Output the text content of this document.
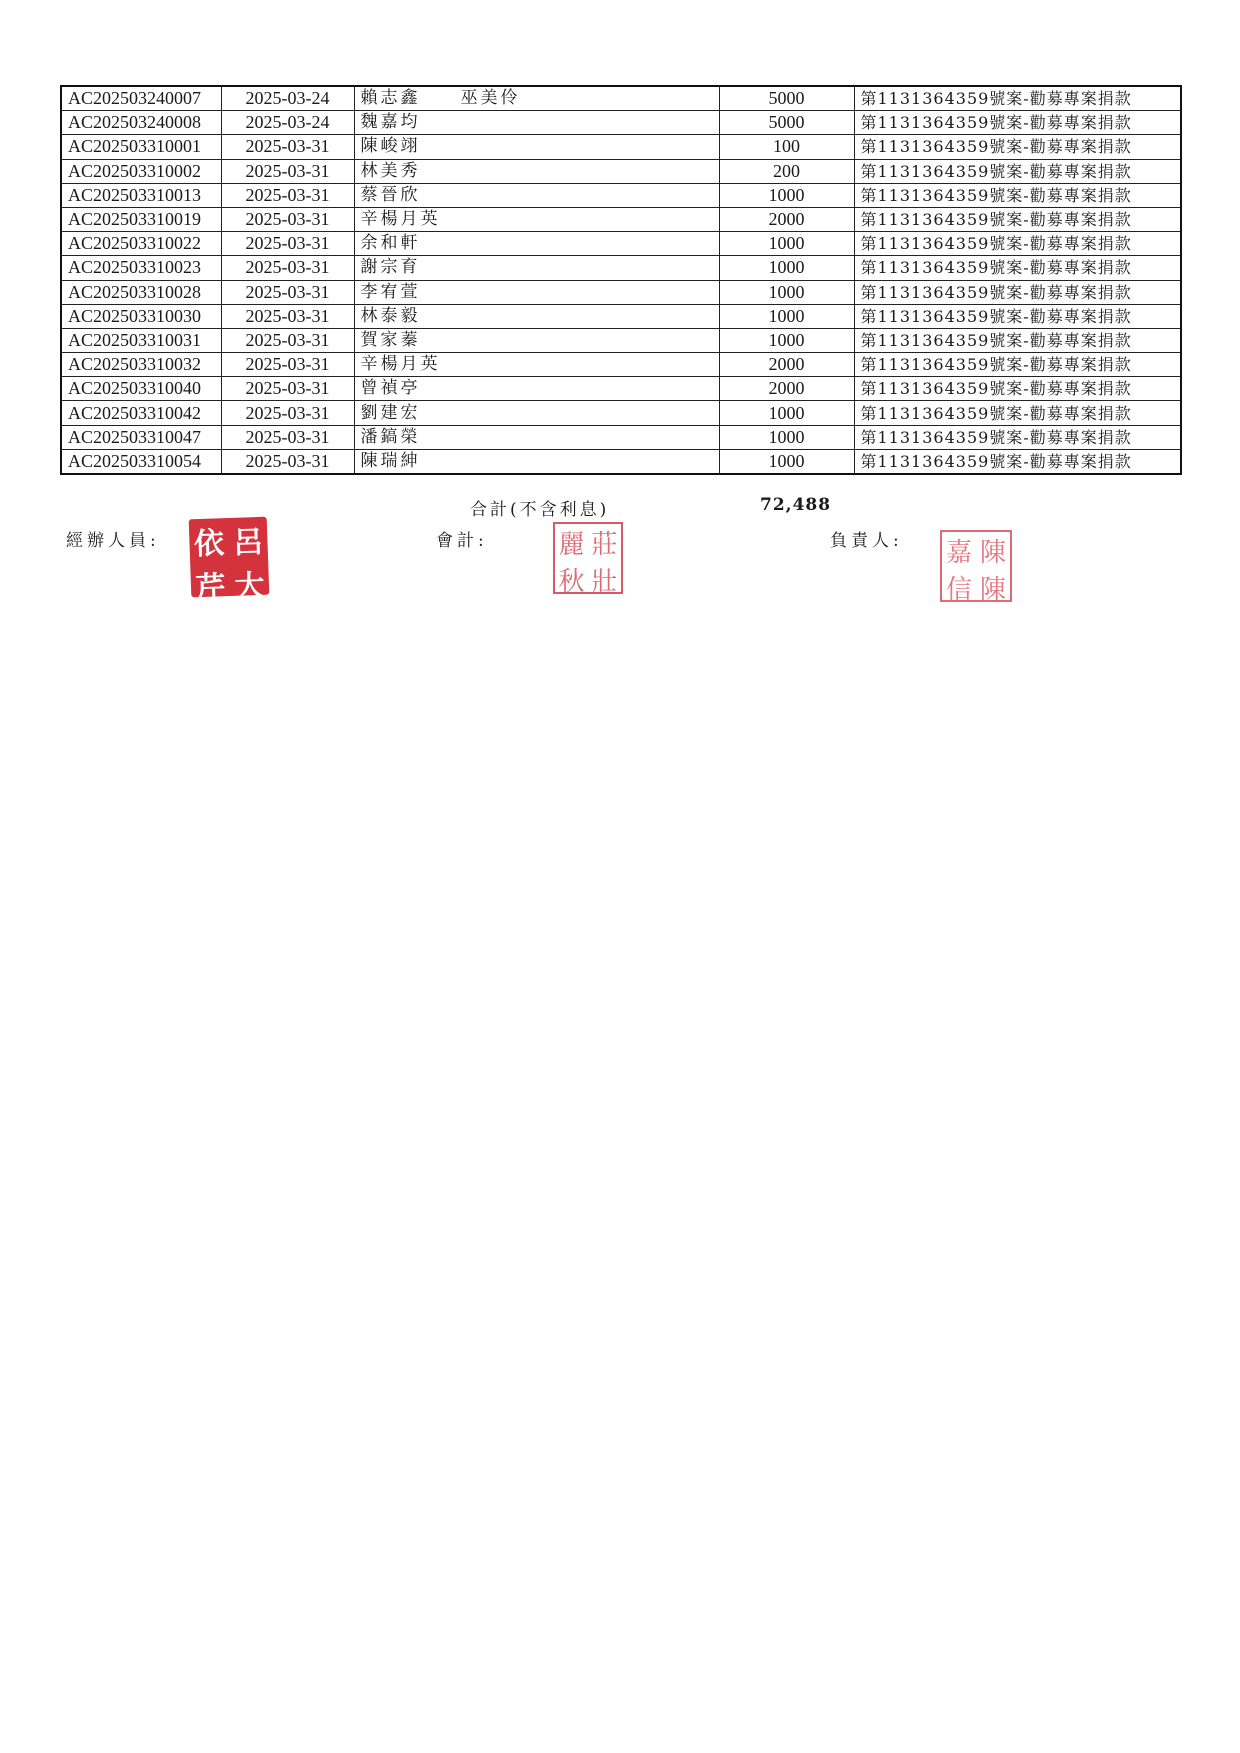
AC202503240007	2025-03-24	賴志鑫　　巫美伶	5000	第1131364359號案-勸募專案捐款
AC202503240008	2025-03-24	魏嘉均	5000	第1131364359號案-勸募專案捐款
AC202503310001	2025-03-31	陳峻翊	100	第1131364359號案-勸募專案捐款
AC202503310002	2025-03-31	林美秀	200	第1131364359號案-勸募專案捐款
AC202503310013	2025-03-31	蔡晉欣	1000	第1131364359號案-勸募專案捐款
AC202503310019	2025-03-31	辛楊月英	2000	第1131364359號案-勸募專案捐款
AC202503310022	2025-03-31	余和軒	1000	第1131364359號案-勸募專案捐款
AC202503310023	2025-03-31	謝宗育	1000	第1131364359號案-勸募專案捐款
AC202503310028	2025-03-31	李宥萱	1000	第1131364359號案-勸募專案捐款
AC202503310030	2025-03-31	林泰毅	1000	第1131364359號案-勸募專案捐款
AC202503310031	2025-03-31	賀家蓁	1000	第1131364359號案-勸募專案捐款
AC202503310032	2025-03-31	辛楊月英	2000	第1131364359號案-勸募專案捐款
AC202503310040	2025-03-31	曾禎亭	2000	第1131364359號案-勸募專案捐款
AC202503310042	2025-03-31	劉建宏	1000	第1131364359號案-勸募專案捐款
AC202503310047	2025-03-31	潘鎬榮	1000	第1131364359號案-勸募專案捐款
AC202503310054	2025-03-31	陳瑞紳	1000	第1131364359號案-勸募專案捐款
合計(不含利息)	72,488
經辦人員:	會計:	負責人:
依
芹
呂
大
麗
秋
莊
壯
嘉
信
陳
陳
